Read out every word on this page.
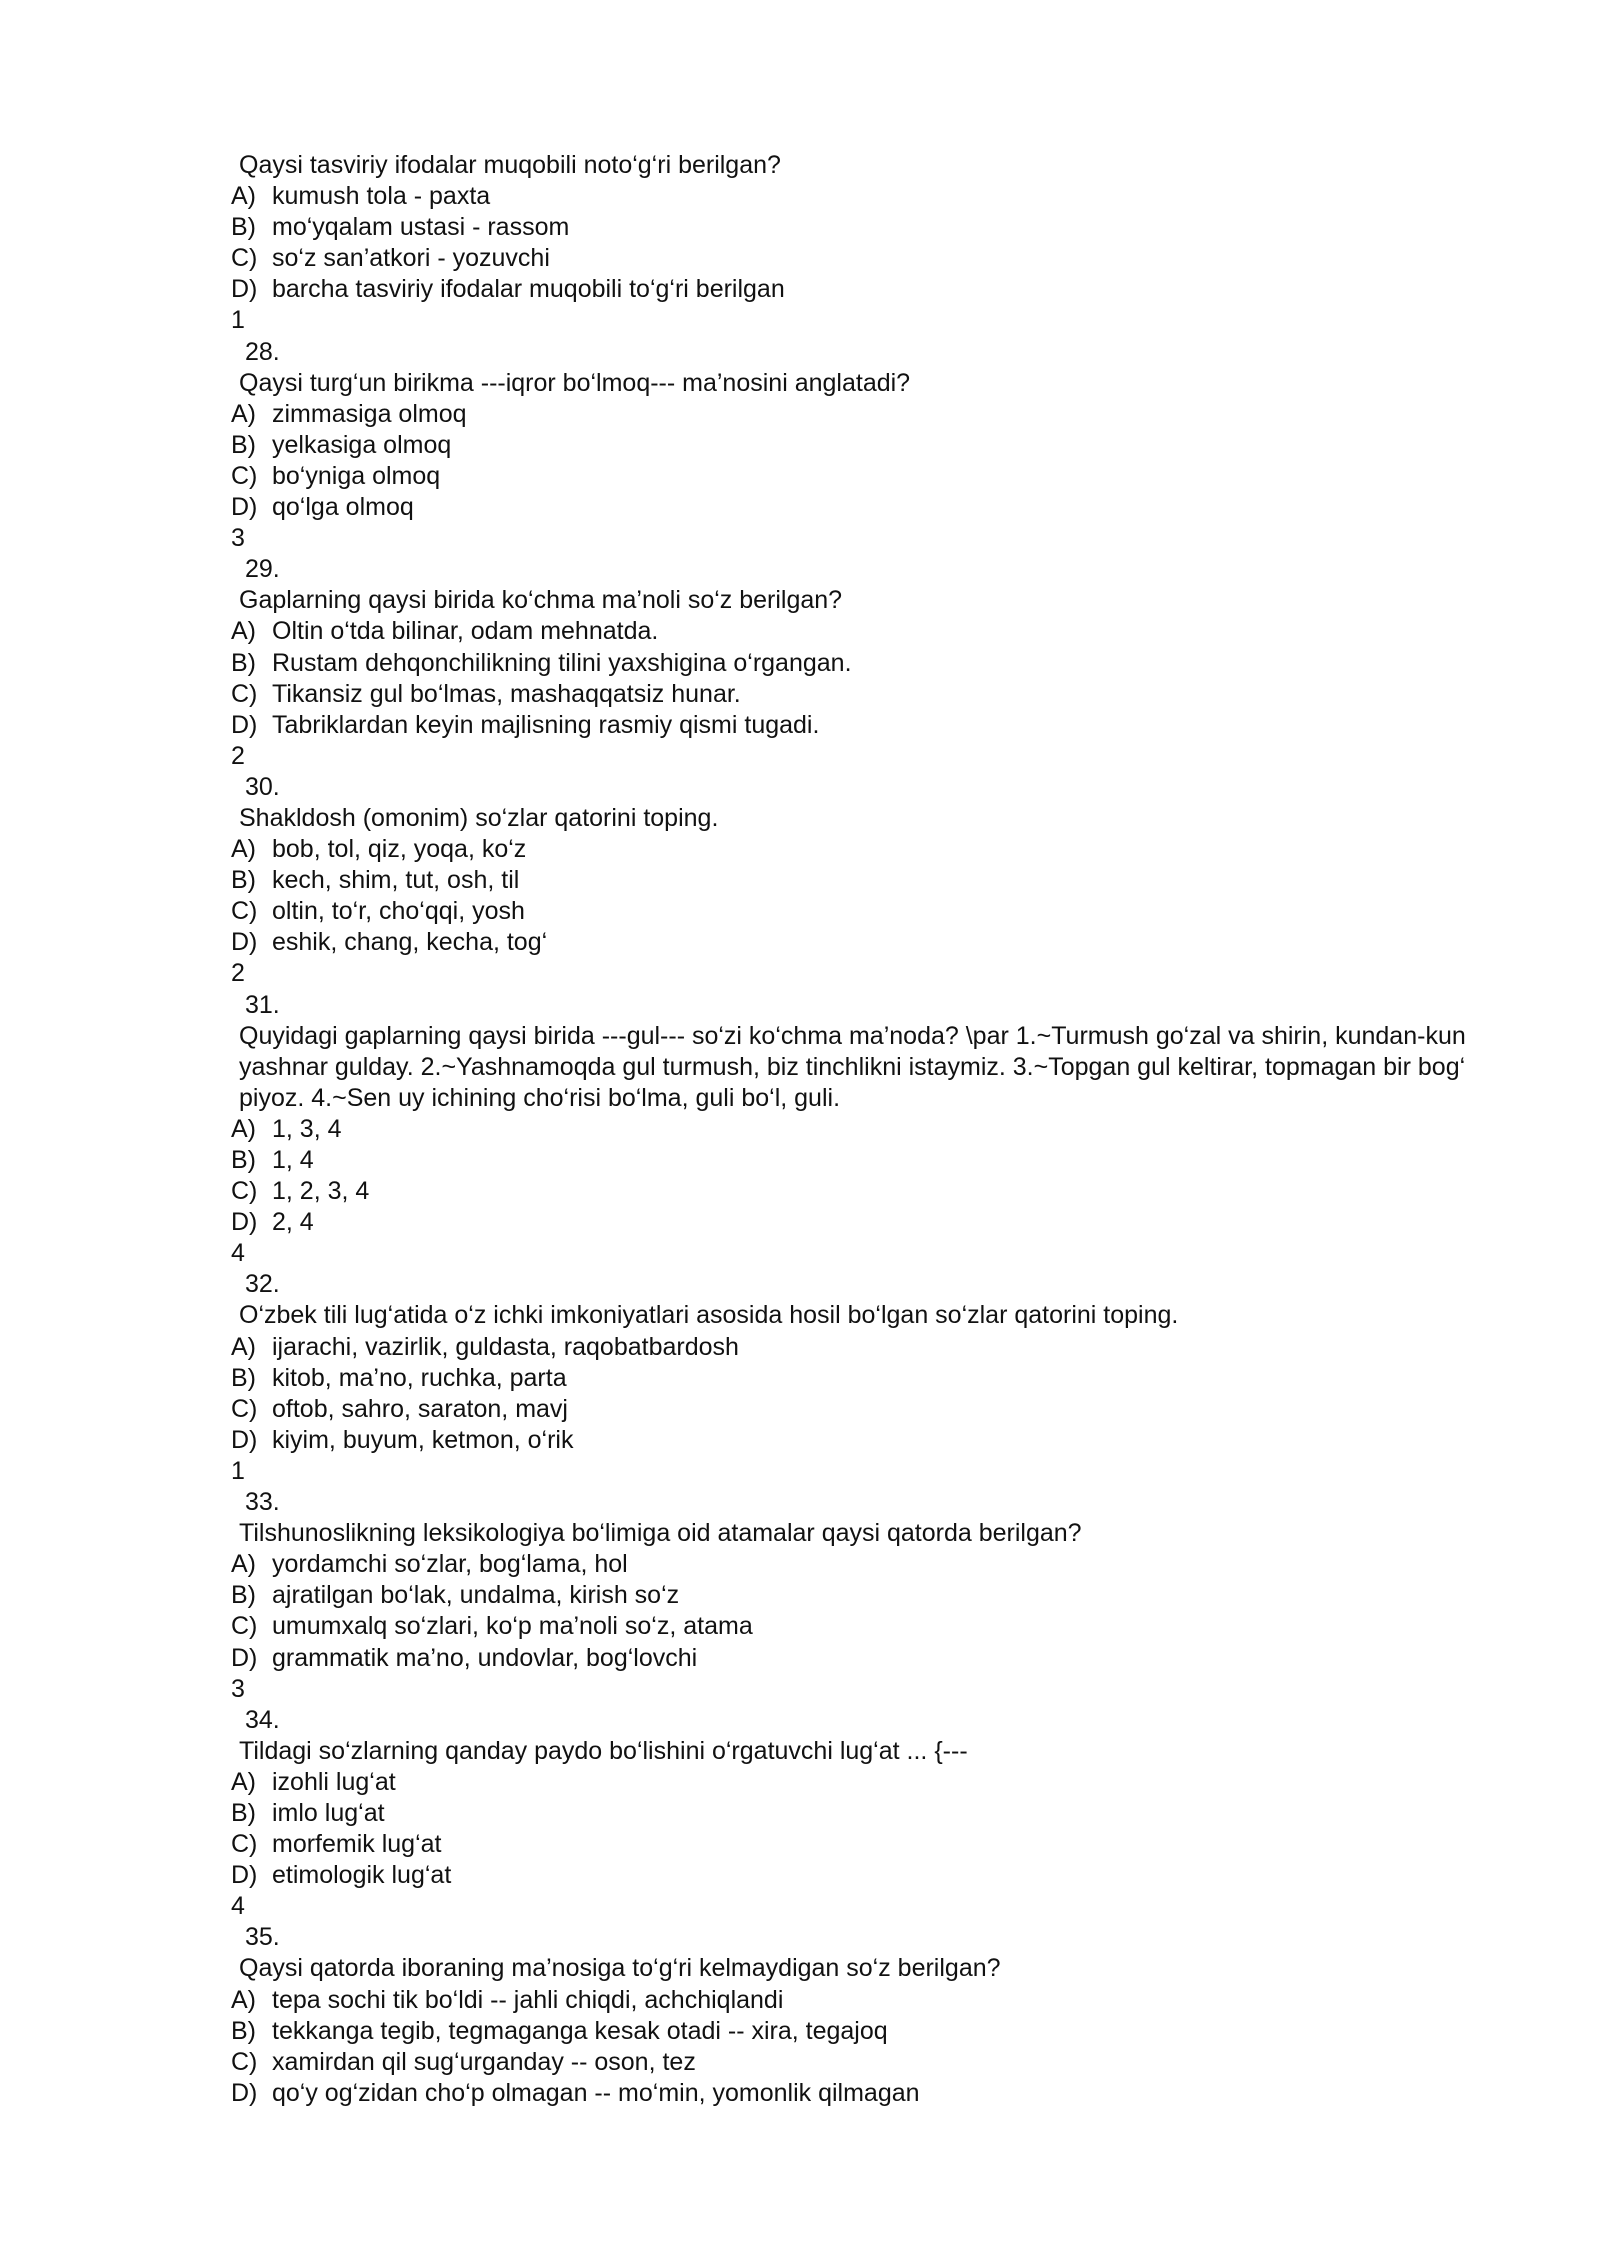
Qaysi tasviriy ifodalar muqobili noto‘g‘ri berilgan?
A) kumush tola - paxta
B) mo‘yqalam ustasi - rassom
C) so‘z san’atkori - yozuvchi
D) barcha tasviriy ifodalar muqobili to‘g‘ri berilgan
1
28.
Qaysi turg‘un birikma ---iqror bo‘lmoq--- ma’nosini anglatadi?
A) zimmasiga olmoq
B) yelkasiga olmoq
C) bo‘yniga olmoq
D) qo‘lga olmoq
3
29.
Gaplarning qaysi birida ko‘chma ma’noli so‘z berilgan?
A) Oltin o‘tda bilinar, odam mehnatda.
B) Rustam dehqonchilikning tilini yaxshigina o‘rgangan.
C) Tikansiz gul bo‘lmas, mashaqqatsiz hunar.
D) Tabriklardan keyin majlisning rasmiy qismi tugadi.
2
30.
Shakldosh (omonim) so‘zlar qatorini toping.
A) bob, tol, qiz, yoqa, ko‘z
B) kech, shim, tut, osh, til
C) oltin, to‘r, cho‘qqi, yosh
D) eshik, chang, kecha, tog‘
2
31.
Quyidagi gaplarning qaysi birida ---gul--- so‘zi ko‘chma ma’noda? \par 1.~Turmush go‘zal va shirin, kundan-kun yashnar gulday. 2.~Yashnamoqda gul turmush, biz tinchlikni istaymiz. 3.~Topgan gul keltirar, topmagan bir bog‘ piyoz. 4.~Sen uy ichining cho‘risi bo‘lma, guli bo‘l, guli.
A) 1, 3, 4
B) 1, 4
C) 1, 2, 3, 4
D) 2, 4
4
32.
O‘zbek tili lug‘atida o‘z ichki imkoniyatlari asosida hosil bo‘lgan so‘zlar qatorini toping.
A) ijarachi, vazirlik, guldasta, raqobatbardosh
B) kitob, ma’no, ruchka, parta
C) oftob, sahro, saraton, mavj
D) kiyim, buyum, ketmon, o‘rik
1
33.
Tilshunoslikning leksikologiya bo‘limiga oid atamalar qaysi qatorda berilgan?
A) yordamchi so‘zlar, bog‘lama, hol
B) ajratilgan bo‘lak, undalma, kirish so‘z
C) umumxalq so‘zlari, ko‘p ma’noli so‘z, atama
D) grammatik ma’no, undovlar, bog‘lovchi
3
34.
Tildagi so‘zlarning qanday paydo bo‘lishini o‘rgatuvchi lug‘at ... {---
A) izohli lug‘at
B) imlo lug‘at
C) morfemik lug‘at
D) etimologik lug‘at
4
35.
Qaysi qatorda iboraning ma’nosiga to‘g‘ri kelmaydigan so‘z berilgan?
A) tepa sochi tik bo‘ldi -- jahli chiqdi, achchiqlandi
B) tekkanga tegib, tegmaganga kesak otadi -- xira, tegajoq
C) xamirdan qil sug‘urganday -- oson, tez
D) qo‘y og‘zidan cho‘p olmagan -- mo‘min, yomonlik qilmagan
